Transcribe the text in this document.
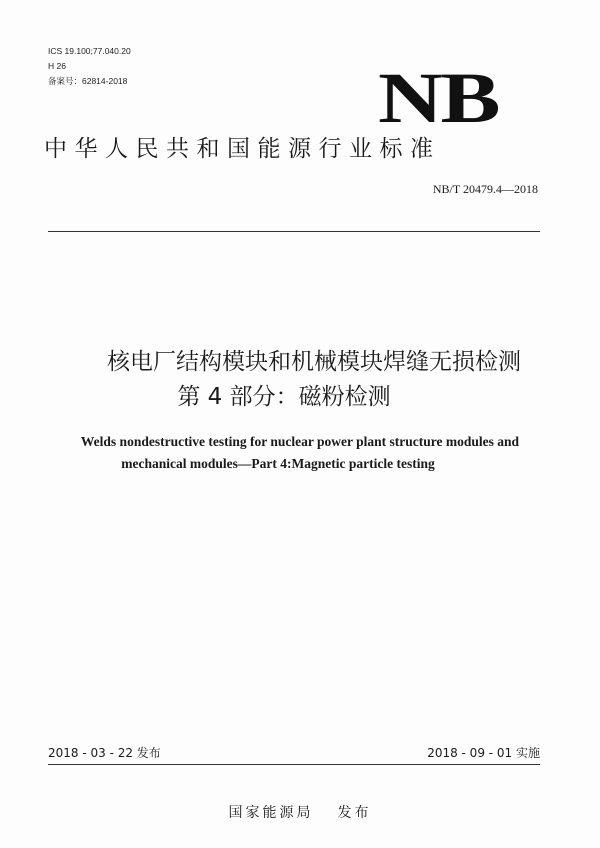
ICS 19.100;77.040.20
H 26
备案号：62814-2018	NB
中华人民共和国能源行业标准
NB/T 20479.4—2018
核电厂结构模块和机械模块焊缝无损检测
第 4 部分：磁粉检测
Welds nondestructive testing for nuclear power plant structure modules and
mechanical modules—Part 4:Magnetic particle testing
2018 - 03 - 22 发布	2018 - 09 - 01 实施
国家能源局 发布
